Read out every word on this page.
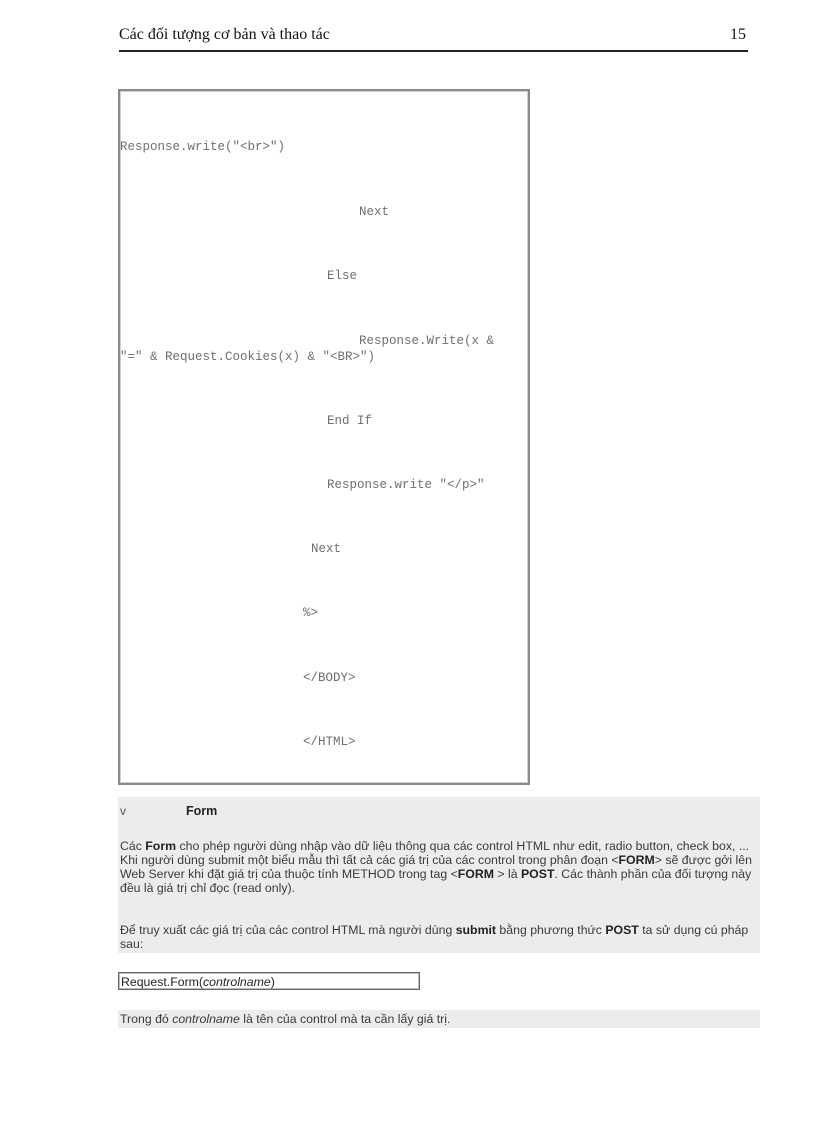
Các đối tượng cơ bản và thao tác	15
Response.write("<br>")
Next
Else
Response.Write(x &
"=" & Request.Cookies(x) & "<BR>")
End If
Response.write "</p>"
Next
%>
</BODY>
</HTML>
v	Form

Các Form cho phép người dùng nhập vào dữ liệu thông qua các control HTML như edit, radio button, check box, ... Khi người dùng submit một biểu mẫu thì tất cả các giá trị của các control trong phân đoạn <FORM> sẽ được gởi lên Web Server khi đặt giá trị của thuộc tính METHOD trong tag <FORM > là POST. Các thành phần của đối tượng này đều là giá trị chỉ đọc (read only).

Để truy xuất các giá trị của các control HTML mà người dùng submit bằng phương thức POST ta sử dụng cú pháp sau:

Request.Form(controlname)
Trong đó controlname là tên của control mà ta cần lấy giá trị.
